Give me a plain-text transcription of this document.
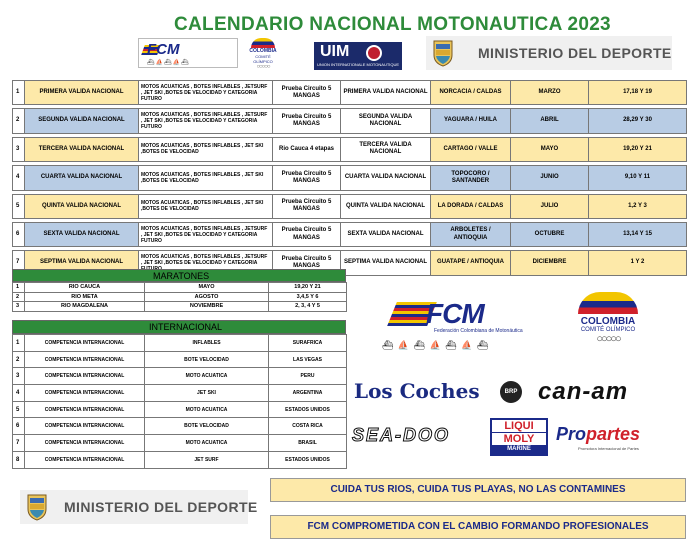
CALENDARIO NACIONAL MOTONAUTICA 2023
FCM
⛴⛵⛴⛵⛴
COLOMBIA
COMITÉ OLÍMPICO
○○○○○
UIM
UNION INTERNATIONALE MOTONAUTIQUE
MINISTERIO DEL DEPORTE
1	PRIMERA VALIDA NACIONAL	MOTOS ACUATICAS , BOTES INFLABLES , JETSURF , JET SKI ,BOTES DE VELOCIDAD Y CATEGORIA FUTURO	Prueba Circuito 5 MANGAS	PRIMERA VALIDA NACIONAL	NORCACIA / CALDAS	MARZO	17,18 Y 19

2	SEGUNDA VALIDA NACIONAL	MOTOS ACUATICAS , BOTES INFLABLES , JETSURF , JET SKI ,BOTES DE VELOCIDAD Y CATEGORIA FUTURO	Prueba Circuito 5 MANGAS	SEGUNDA VALIDA NACIONAL	YAGUARA / HUILA	ABRIL	28,29 Y 30

3	TERCERA VALIDA NACIONAL	MOTOS ACUATICAS , BOTES INFLABLES , JET SKI ,BOTES DE VELOCIDAD	Rio Cauca 4 etapas	TERCERA VALIDA NACIONAL	CARTAGO / VALLE	MAYO	19,20 Y 21

4	CUARTA VALIDA NACIONAL	MOTOS ACUATICAS , BOTES INFLABLES , JET SKI ,BOTES DE VELOCIDAD	Prueba Circuito 5 MANGAS	CUARTA VALIDA NACIONAL	TOPOCORO / SANTANDER	JUNIO	9,10 Y 11

5	QUINTA VALIDA NACIONAL	MOTOS ACUATICAS , BOTES INFLABLES , JET SKI ,BOTES DE VELOCIDAD	Prueba Circuito 5 MANGAS	QUINTA VALIDA NACIONAL	LA DORADA / CALDAS	JULIO	1,2 Y 3

6	SEXTA VALIDA NACIONAL	MOTOS ACUATICAS , BOTES INFLABLES , JETSURF , JET SKI ,BOTES DE VELOCIDAD Y CATEGORIA FUTURO	Prueba Circuito 5 MANGAS	SEXTA VALIDA NACIONAL	ARBOLETES / ANTIOQUIA	OCTUBRE	13,14 Y 15

7	SEPTIMA VALIDA NACIONAL	MOTOS ACUATICAS , BOTES INFLABLES , JETSURF , JET SKI ,BOTES DE VELOCIDAD Y CATEGORIA	Prueba Circuito 5 MANGAS	SEPTIMA VALIDA NACIONAL	GUATAPE / ANTIOQUIA	DICIEMBRE	1 Y 2
MARATONES
1	RIO CAUCA	MAYO	19,20 Y 21
2	RIO META	AGOSTO	3,4,5 Y 6
3	RIO MAGDALENA	NOVIEMBRE	2, 3, 4 Y 5
INTERNACIONAL
1	COMPETENCIA INTERNACIONAL	INFLABLES	SURAFRICA
2	COMPETENCIA INTERNACIONAL	BOTE VELOCIDAD	LAS VEGAS
3	COMPETENCIA INTERNACIONAL	MOTO ACUATICA	PERU
4	COMPETENCIA INTERNACIONAL	JET SKI	ARGENTINA
5	COMPETENCIA INTERNACIONAL	MOTO ACUATICA	ESTADOS UNIDOS
6	COMPETENCIA INTERNACIONAL	BOTE VELOCIDAD	COSTA RICA
7	COMPETENCIA INTERNACIONAL	MOTO ACUATICA	BRASIL
8	COMPETENCIA INTERNACIONAL	JET SURF	ESTADOS UNIDOS
FCM
Federación Colombiana de Motonáutica
⛴ ⛵ ⛴ ⛵ ⛴ ⛵ ⛴
COLOMBIA
COMITÉ OLÍMPICO
○○○○○
Los Coches	BRP can-am
SEA-DOO	LIQUI
MOLY
MARINE
Propartes
Promotora Internacional de Partes
MINISTERIO DEL DEPORTE
CUIDA TUS RIOS, CUIDA TUS PLAYAS, NO LAS CONTAMINES
FCM COMPROMETIDA CON EL CAMBIO FORMANDO PROFESIONALES
